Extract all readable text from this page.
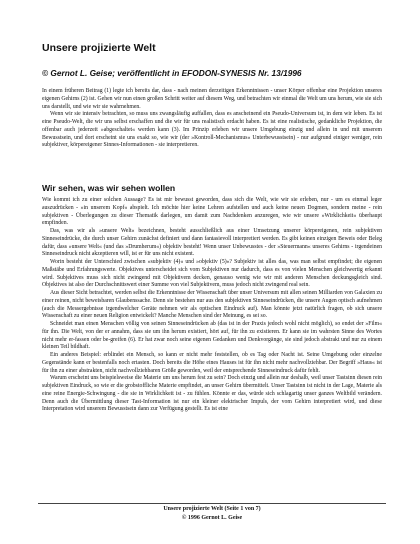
Unsere projizierte Welt
© Gernot L. Geise; veröffentlicht in EFODON-SYNESIS Nr. 13/1996

In einem früheren Beitrag (1) legte ich bereits dar, dass - nach meinen derzeitigen Erkenntnissen - unser Körper offenbar eine Projektion unseres eigenen Gehirns (2) ist. Gehen wir nun einen großen Schritt weiter auf diesem Weg, und betrachten wir einmal die Welt um uns herum, wie sie sich uns darstellt, und wie wir sie wahrnehmen.

Wenn wir sie intensiv betrachten, so muss uns zwangsläufig auffallen, dass es anscheinend ein Pseudo-Universum ist, in dem wir leben. Es ist eine Pseudo-Welt, die wir uns selbst erschaffen und die wir für uns realistisch erdacht haben. Es ist eine realistische, gedankliche Projektion, die offenbar auch jederzeit »abgeschaltet« werden kann (3). Im Prinzip erleben wir unsere Umgebung einzig und allein in und mit unserem Bewusstsein, und dort erscheint sie uns exakt so, wie wir (der »Kontroll-Mechanismus« Unterbewusstsein) - nur aufgrund einiger weniger, rein subjektiver, körpereigener Sinnes-Informationen - sie interpretieren.

Wir sehen, was wir sehen wollen

Wie kommt ich zu einer solchen Aussage? Es ist mir bewusst geworden, dass sich die Welt, wie wir sie erleben, nur - um es einmal leger auszudrücken - »in unserem Kopf« abspielt. Ich möchte hier keine Lehren aufstellen und auch keine neuen Dogmen, sondern meine - rein subjektiven - Überlegungen zu dieser Thematik darlegen, um damit zum Nachdenken anzuregen, wie wir unsere »Wirklichkeit« überhaupt empfinden.

Das, was wir als »unsere Welt« bezeichnen, besteht ausschließlich aus einer Umsetzung unserer körpereigenen, rein subjektiven Sinneseindrücke, die durch unser Gehirn zunächst definiert und dann fantasievoll interpretiert werden. Es gibt keinen einzigen Beweis oder Beleg dafür, dass »unsere Welt« (und das »Drumherum«) objektiv besteht! Wenn unser Unbewusstes - der »Steuermann« unseres Gehirns - irgendeinen Sinneseindruck nicht akzeptieren will, ist er für uns nicht existent.

Worin besteht der Unterschied zwischen »subjektiv (4)« und »objektiv (5)«? Subjektiv ist alles das, was man selbst empfindet; die eigenen Maßstäbe und Erfahrungswerte. Objektives unterscheidet sich vom Subjektiven nur dadurch, dass es von vielen Menschen gleichwertig erkannt wird. Subjektives muss sich nicht zwingend mit Objektivem decken, genauso wenig wie wir mit anderen Menschen deckungsgleich sind. Objektives ist also der Durchschnittswert einer Summe von viel Subjektivem, muss jedoch nicht zwingend real sein.

Aus dieser Sicht betrachtet, werden selbst die Erkenntnisse der Wissenschaft über unser Universum mit allen seinen Milliarden von Galaxien zu einer reinen, nicht beweisbaren Glaubenssache. Denn sie bestehen nur aus den subjektiven Sinneseindrücken, die unsere Augen optisch aufnehmen (auch die Messergebnisse irgendwelcher Geräte nehmen wir als optischen Eindruck auf). Man könnte jetzt natürlich fragen, ob sich unsere Wissenschaft zu einer neuen Religion entwickelt? Manche Menschen sind der Meinung, es sei so.

Schneidet man einen Menschen völlig von seinen Sinneseindrücken ab (das ist in der Praxis jedoch wohl nicht möglich), so endet der »Film« für ihn. Die Welt, von der er annahm, dass sie um ihn herum existiert, hört auf, für ihn zu existieren. Er kann sie im wahrsten Sinne des Wortes nicht mehr er-fassen oder be-greifen (6). Er hat zwar noch seine eigenen Gedanken und Denkvorgänge, sie sind jedoch abstrakt und nur zu einem kleinen Teil bildhaft.

Ein anderes Beispiel: erblindet ein Mensch, so kann er nicht mehr feststellen, ob es Tag oder Nacht ist. Seine Umgebung oder einzelne Gegenstände kann er bestenfalls noch ertasten. Doch bereits die Höhe eines Hauses ist für ihn nicht mehr nachvollziehbar. Der Begriff »Haus« ist für ihn zu einer abstrakten, nicht nachvollziehbaren Größe geworden, weil der entsprechende Sinneseindruck dafür fehlt.

Warum erscheint uns beispielsweise die Materie um uns herum fest zu sein? Doch einzig und allein nur deshalb, weil unser Tastsinn diesen rein subjektiven Eindruck, so wie er die grobstoffliche Materie empfindet, an unser Gehirn übermittelt. Unser Tastsinn ist nicht in der Lage, Materie als eine reine Energie-Schwingung - die sie in Wirklichkeit ist - zu fühlen. Könnte er das, würde sich schlagartig unser ganzes Weltbild verändern. Denn auch die Übermittlung dieser Tast-Information ist nur ein kleiner elektrischer Impuls, der vom Gehirn interpretiert wird, und diese Interpretation wird unserem Bewusstsein dann zur Verfügung gestellt. Es ist eine

Unsere projizierte Welt (Seite 1 von 7)
© 1996 Gernot L. Geise
